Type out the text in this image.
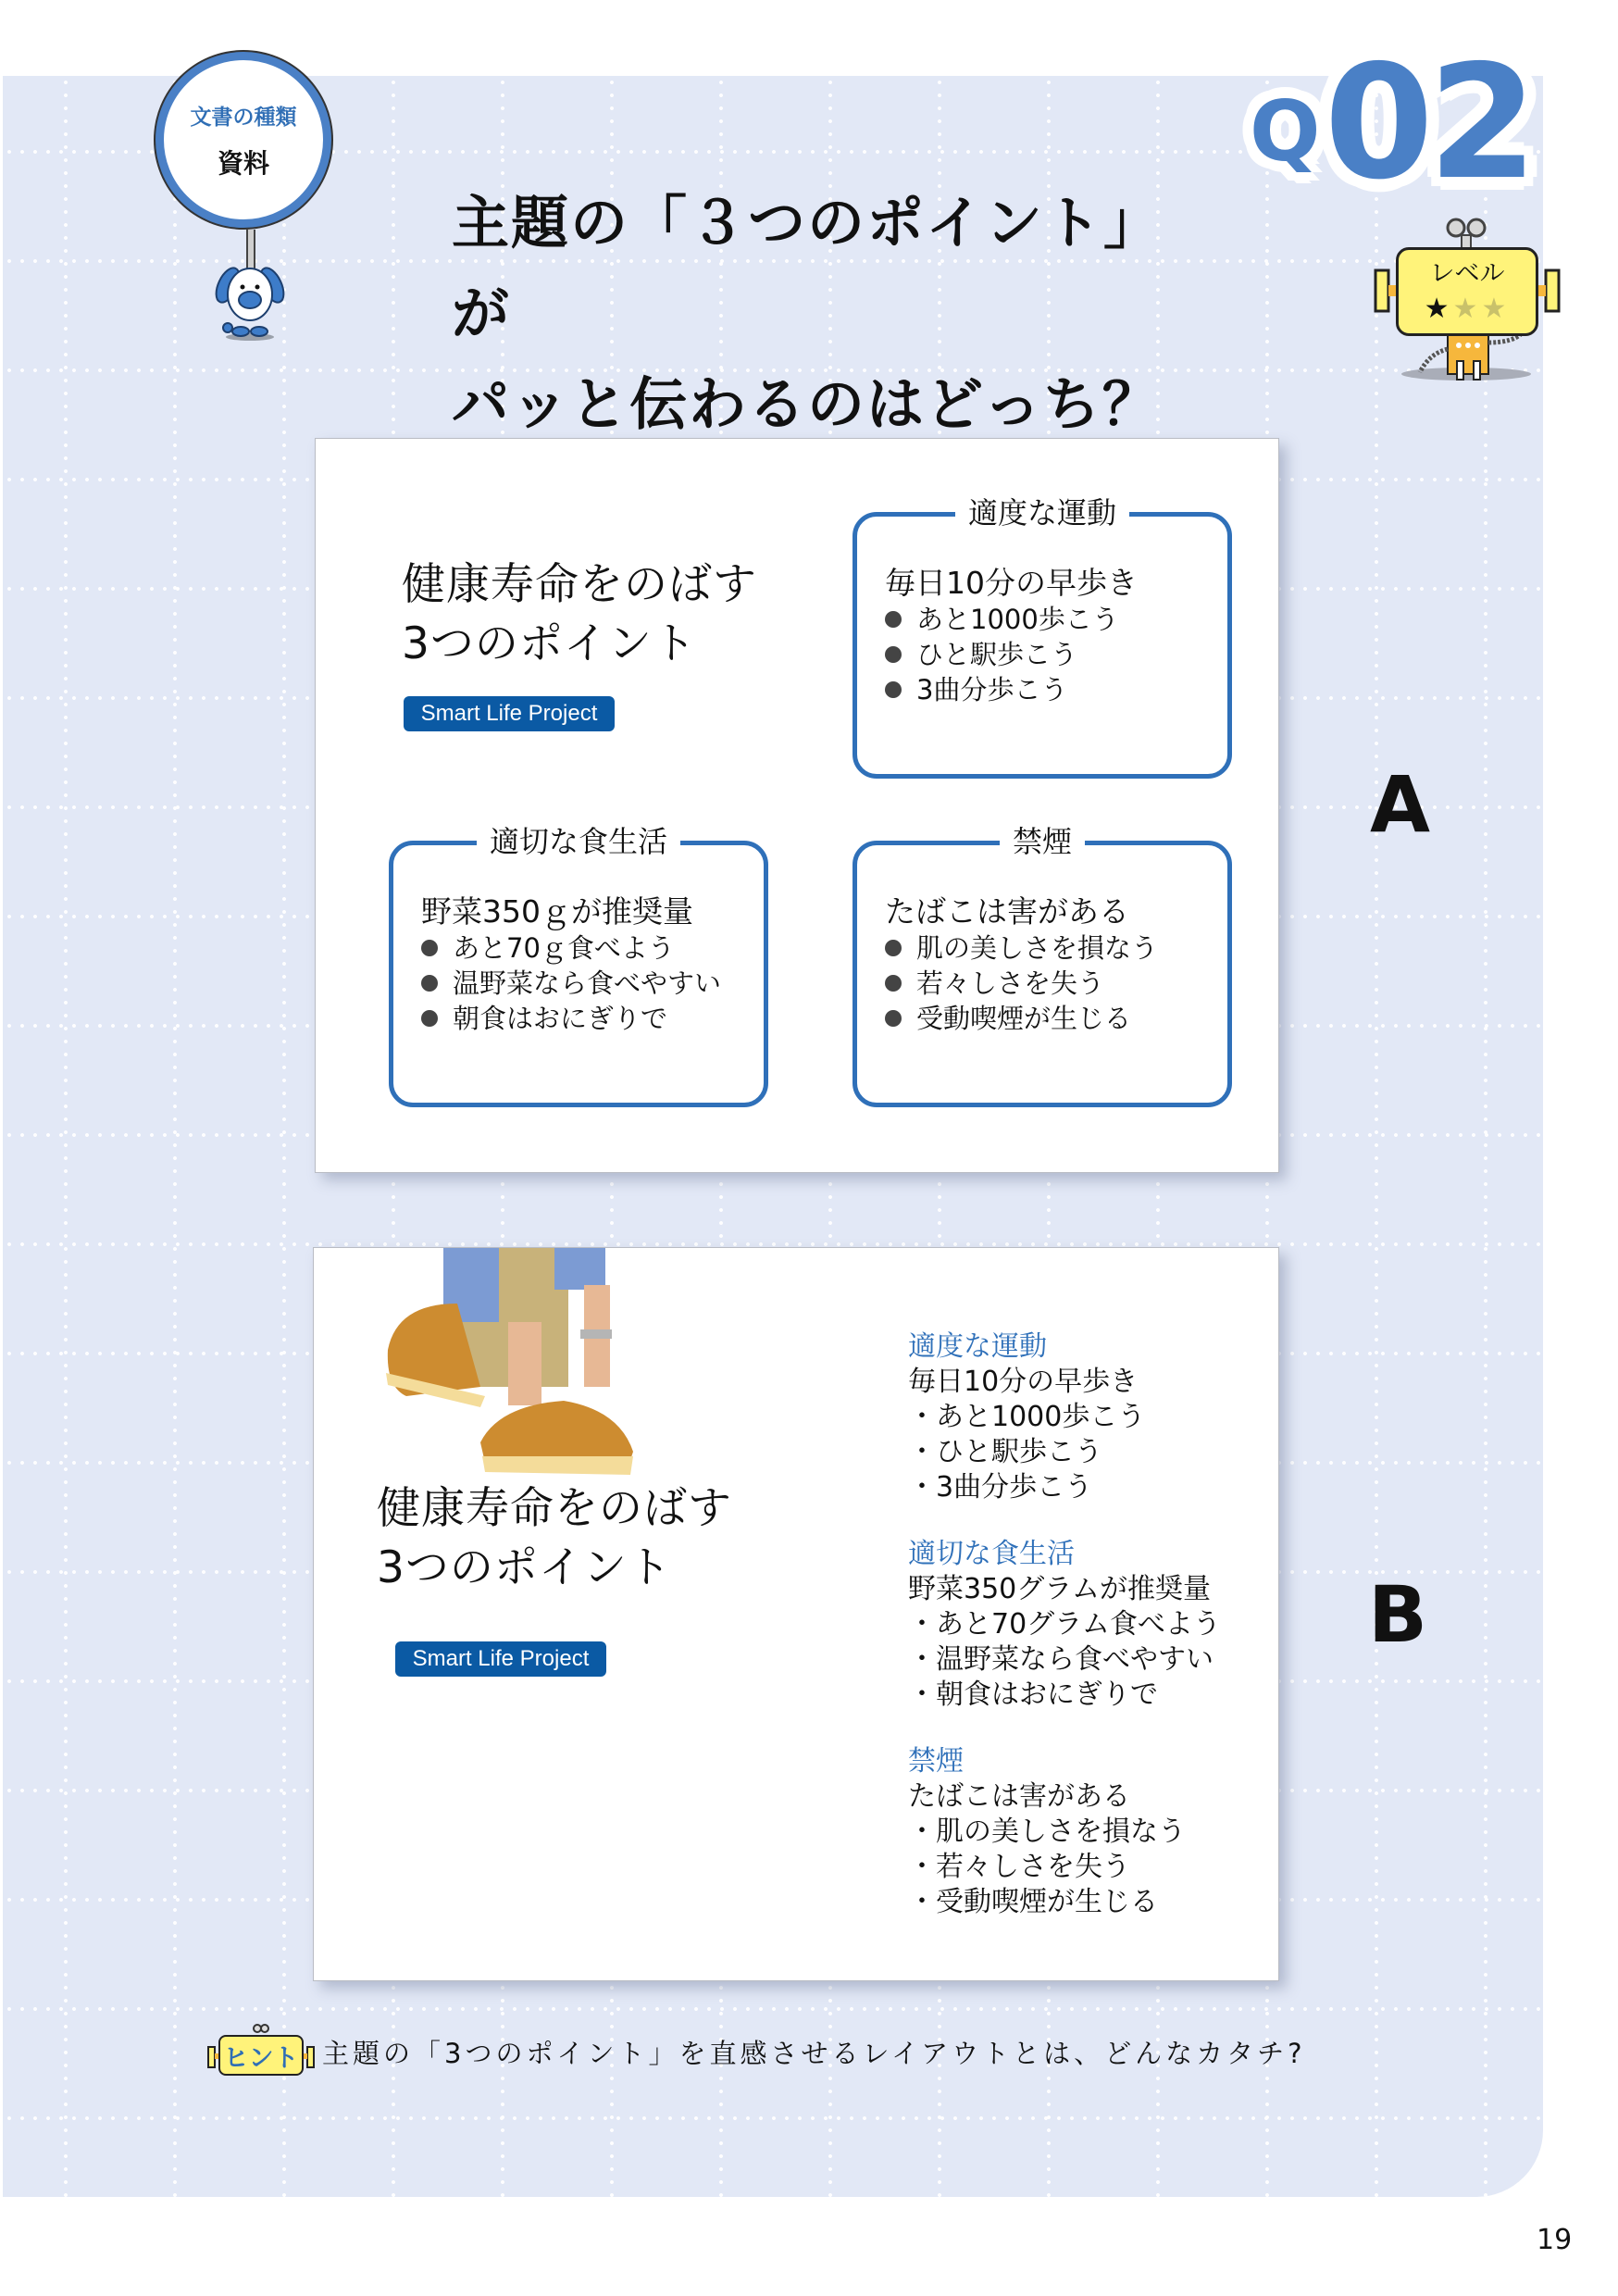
文書の種類
資料	Q 02
主題の「３つのポイント」が
パッと伝わるのはどっち？
レベル
★★★
健康寿命をのばす
3つのポイント
Smart Life Project
適度な運動
毎日10分の早歩き
あと1000歩こう
ひと駅歩こう
3曲分歩こう
適切な食生活
野菜350ｇが推奨量
あと70ｇ食べよう
温野菜なら食べやすい
朝食はおにぎりで
禁煙
たばこは害がある
肌の美しさを損なう
若々しさを失う
受動喫煙が生じる
A
健康寿命をのばす
3つのポイント
Smart Life Project
適度な運動
毎日10分の早歩き
・ あと1000歩こう
・ ひと駅歩こう
・ 3曲分歩こう
適切な食生活
野菜350グラムが推奨量
・ あと70グラム食べよう
・ 温野菜なら食べやすい
・ 朝食はおにぎりで
禁煙
たばこは害がある
・ 肌の美しさを損なう
・ 若々しさを失う
・ 受動喫煙が生じる
B
ヒント 主題の「3つのポイント」を直感させるレイアウトとは、どんなカタチ?
19
